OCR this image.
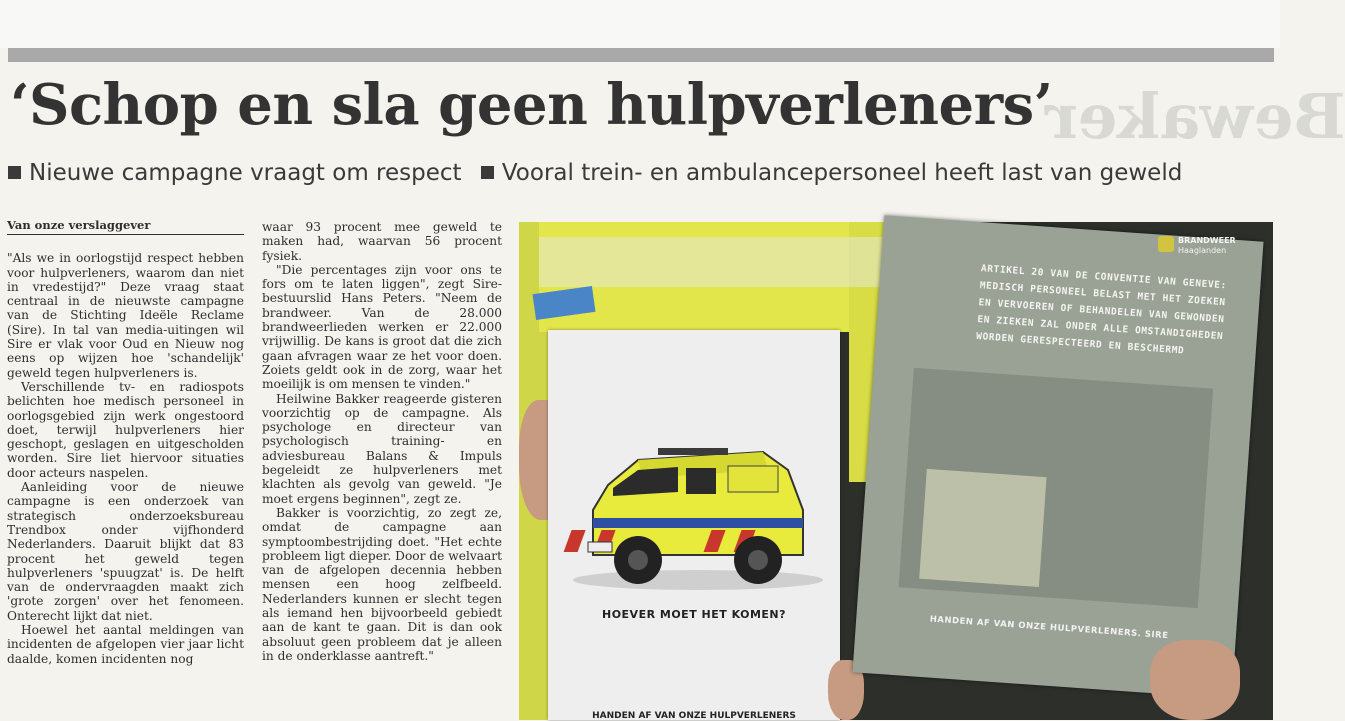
Bewaker
‘Schop en sla geen hulpverleners’
Nieuwe campagne vraagt om respect Vooral trein- en ambulancepersoneel heeft last van geweld
Van onze verslaggever

"Als we in oorlogstijd respect hebben voor hulpverleners, waarom dan niet in vredestijd?" Deze vraag staat centraal in de nieuwste campagne van de Stichting Ideële Reclame (Sire). In tal van media-uitingen wil Sire er vlak voor Oud en Nieuw nog eens op wijzen hoe 'schandelijk' geweld tegen hulpverleners is.

Verschillende tv- en radiospots belichten hoe medisch personeel in oorlogsgebied zijn werk ongestoord doet, terwijl hulpverleners hier geschopt, geslagen en uitgescholden worden. Sire liet hiervoor situaties door acteurs naspelen.

Aanleiding voor de nieuwe campagne is een onderzoek van strategisch onderzoeksbureau Trendbox onder vijfhonderd Nederlanders. Daaruit blijkt dat 83 procent het geweld tegen hulpverleners 'spuugzat' is. De helft van de ondervraagden maakt zich 'grote zorgen' over het fenomeen. Onterecht lijkt dat niet.

Hoewel het aantal meldingen van incidenten de afgelopen vier jaar licht daalde, komen incidenten nog

waar 93 procent mee geweld te maken had, waarvan 56 procent fysiek.

"Die percentages zijn voor ons te fors om te laten liggen", zegt Sire-bestuurslid Hans Peters. "Neem de brandweer. Van de 28.000 brandweerlieden werken er 22.000 vrijwillig. De kans is groot dat die zich gaan afvragen waar ze het voor doen. Zoiets geldt ook in de zorg, waar het moeilijk is om mensen te vinden."

Heilwine Bakker reageerde gisteren voorzichtig op de campagne. Als psychologe en directeur van psychologisch training- en adviesbureau Balans & Impuls begeleidt ze hulpverleners met klachten als gevolg van geweld. "Je moet ergens beginnen", zegt ze.

Bakker is voorzichtig, zo zegt ze, omdat de campagne aan symptoombestrijding doet. "Het echte probleem ligt dieper. Door de welvaart van de afgelopen decennia hebben mensen een hoog zelfbeeld. Nederlanders kunnen er slecht tegen als iemand hen bijvoorbeeld gebiedt aan de kant te gaan. Dit is dan ook absoluut geen probleem dat je alleen in de onderklasse aantreft."

HOEVER MOET HET KOMEN?
HANDEN AF VAN ONZE HULPVERLENERS
ARTIKEL 20 VAN DE CONVENTIE VAN GENEVE: MEDISCH PERSONEEL BELAST MET HET ZOEKEN EN VERVOEREN OF BEHANDELEN VAN GEWONDEN EN ZIEKEN ZAL ONDER ALLE OMSTANDIGHEDEN WORDEN GERESPECTEERD EN BESCHERMD
HANDEN AF VAN ONZE HULPVERLENERS. SIRE
BRANDWEER
Haaglanden
